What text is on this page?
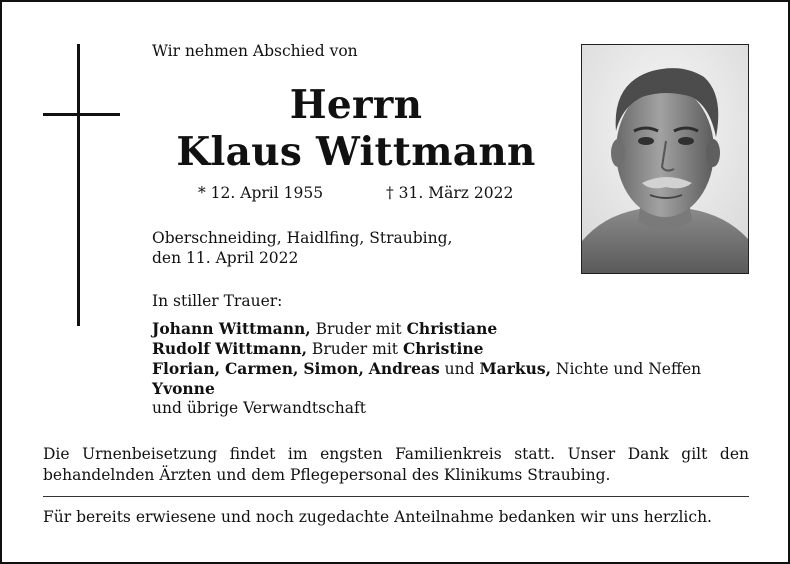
Wir nehmen Abschied von
Herrn
Klaus Wittmann
* 12. April 1955	† 31. März 2022
Oberschneiding, Haidlfing, Straubing,
den 11. April 2022
In stiller Trauer:
Johann Wittmann, Bruder mit Christiane
Rudolf Wittmann, Bruder mit Christine
Florian, Carmen, Simon, Andreas und Markus, Nichte und Neffen
Yvonne
und übrige Verwandtschaft
Die Urnenbeisetzung findet im engsten Familienkreis statt. Unser Dank gilt den behandelnden Ärzten und dem Pflegepersonal des Klinikums Straubing.
Für bereits erwiesene und noch zugedachte Anteilnahme bedanken wir uns herzlich.
